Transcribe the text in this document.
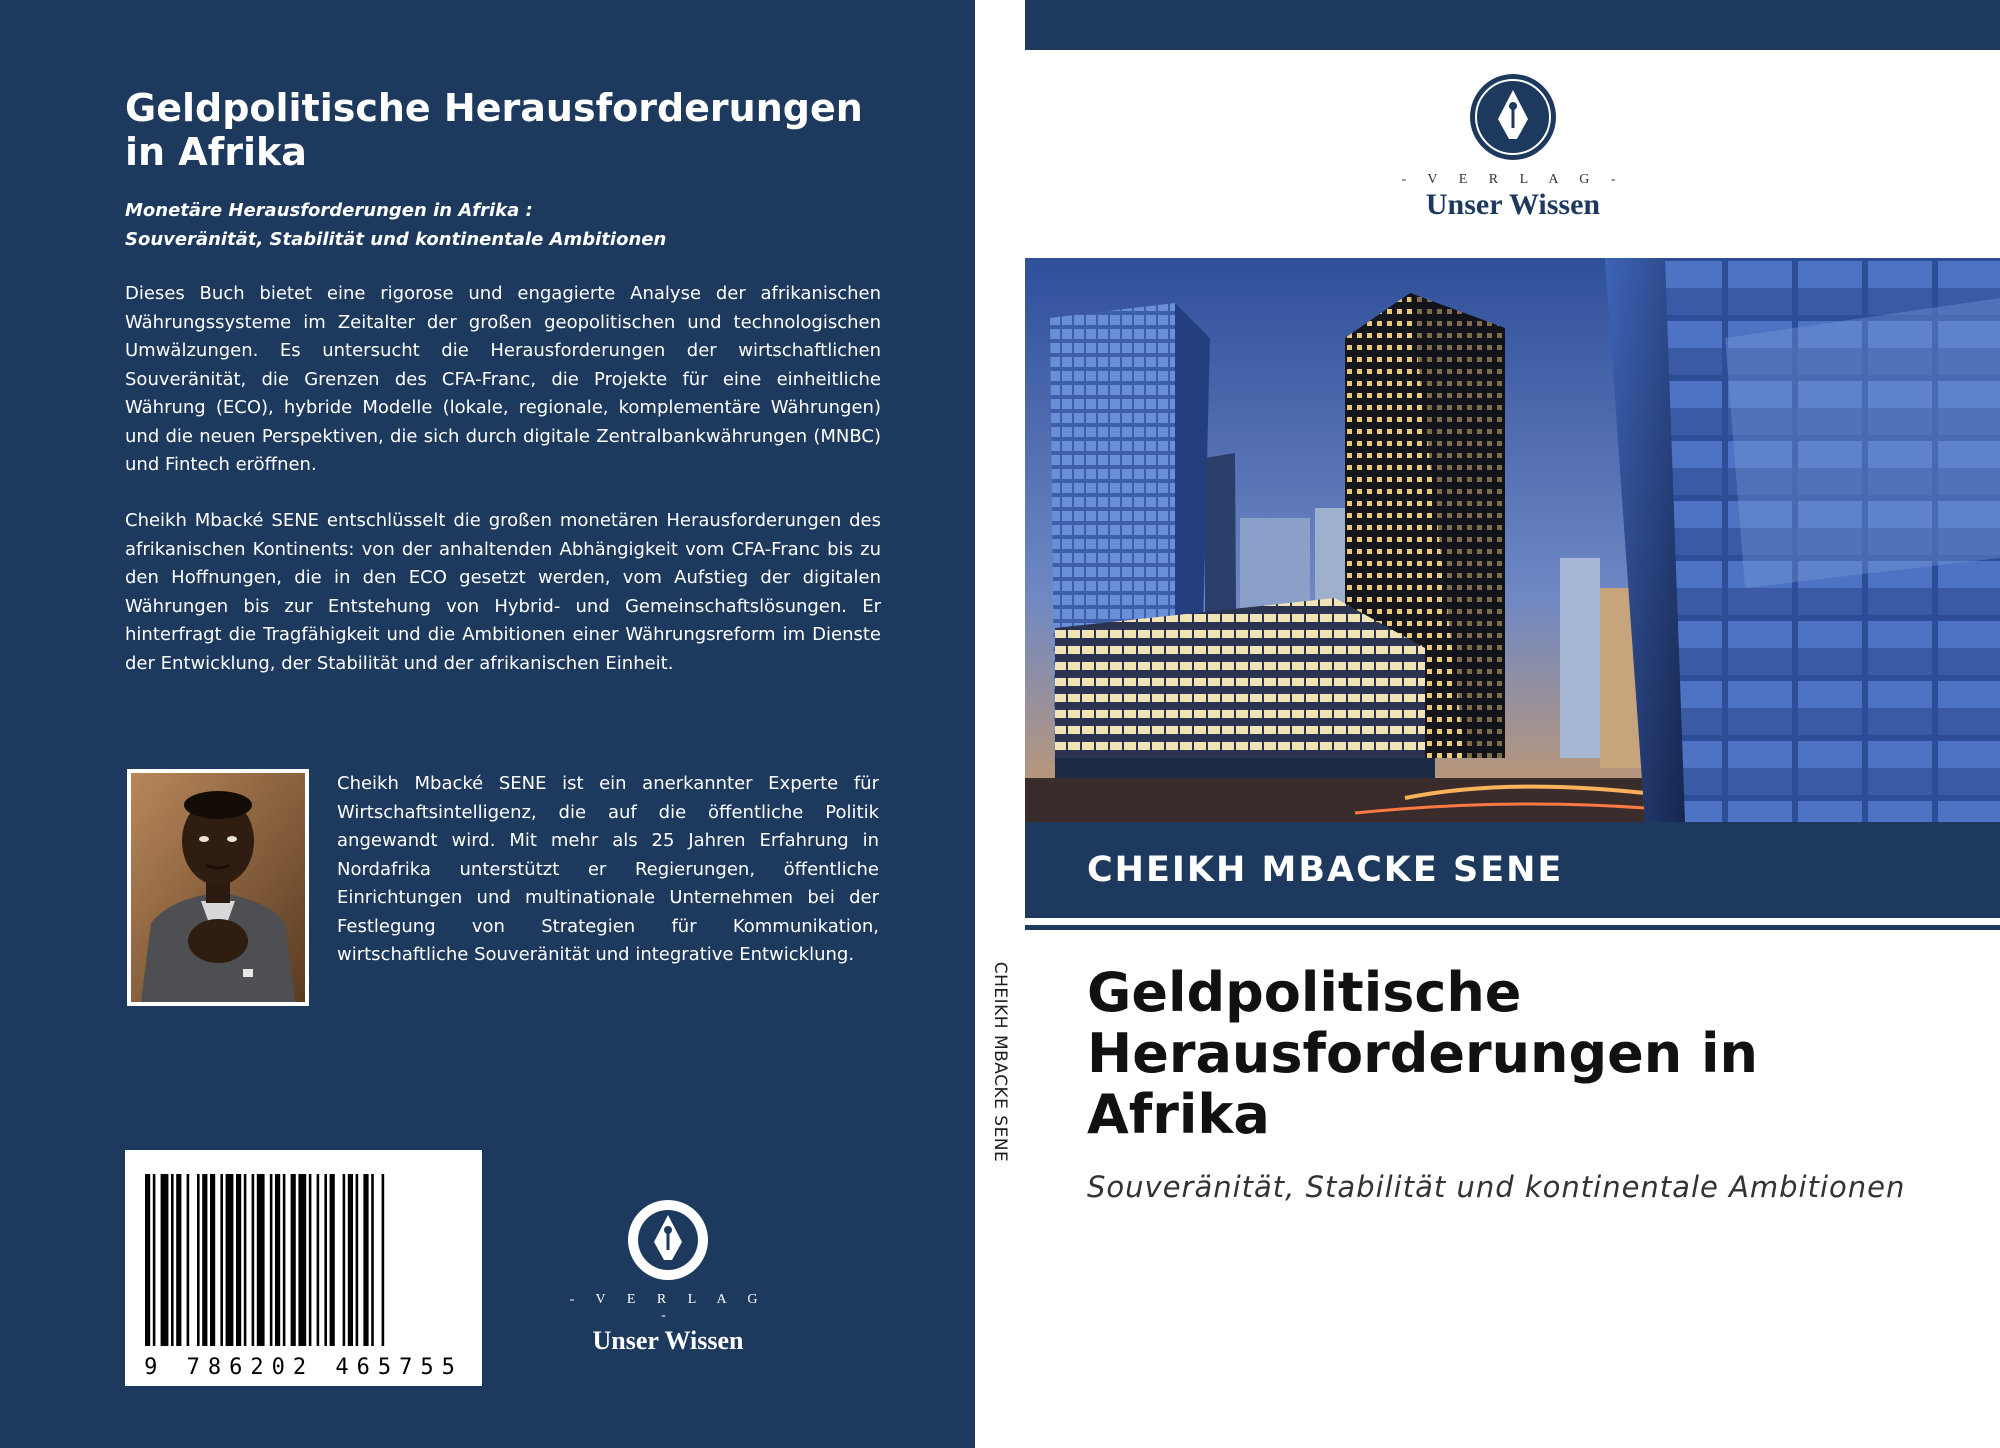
Geldpolitische Herausforderungen in Afrika
Monetäre Herausforderungen in Afrika :
Souveränität, Stabilität und kontinentale Ambitionen

Dieses Buch bietet eine rigorose und engagierte Analyse der afrikanischen Währungssysteme im Zeitalter der großen geopolitischen und technologischen Umwälzungen. Es untersucht die Herausforderungen der wirtschaftlichen Souveränität, die Grenzen des CFA-Franc, die Projekte für eine einheitliche Währung (ECO), hybride Modelle (lokale, regionale, komplementäre Währungen) und die neuen Perspektiven, die sich durch digitale Zentralbankwährungen (MNBC) und Fintech eröffnen.

Cheikh Mbacké SENE entschlüsselt die großen monetären Herausforderungen des afrikanischen Kontinents: von der anhaltenden Abhängigkeit vom CFA-Franc bis zu den Hoffnungen, die in den ECO gesetzt werden, vom Aufstieg der digitalen Währungen bis zur Entstehung von Hybrid- und Gemeinschaftslösungen. Er hinterfragt die Tragfähigkeit und die Ambitionen einer Währungsreform im Dienste der Entwicklung, der Stabilität und der afrikanischen Einheit.

Cheikh Mbacké SENE ist ein anerkannter Experte für Wirtschaftsintelligenz, die auf die öffentliche Politik angewandt wird. Mit mehr als 25 Jahren Erfahrung in Nordafrika unterstützt er Regierungen, öffentliche Einrichtungen und multinationale Unternehmen bei der Festlegung von Strategien für Kommunikation, wirtschaftliche Souveränität und integrative Entwicklung.

9 786202 465755
- V E R L A G -
Unser Wissen
CHEIKH MBACKE SENE
- V E R L A G -
Unser Wissen
CHEIKH MBACKE SENE
Geldpolitische Herausforderungen in Afrika
Souveränität, Stabilität und kontinentale Ambitionen
